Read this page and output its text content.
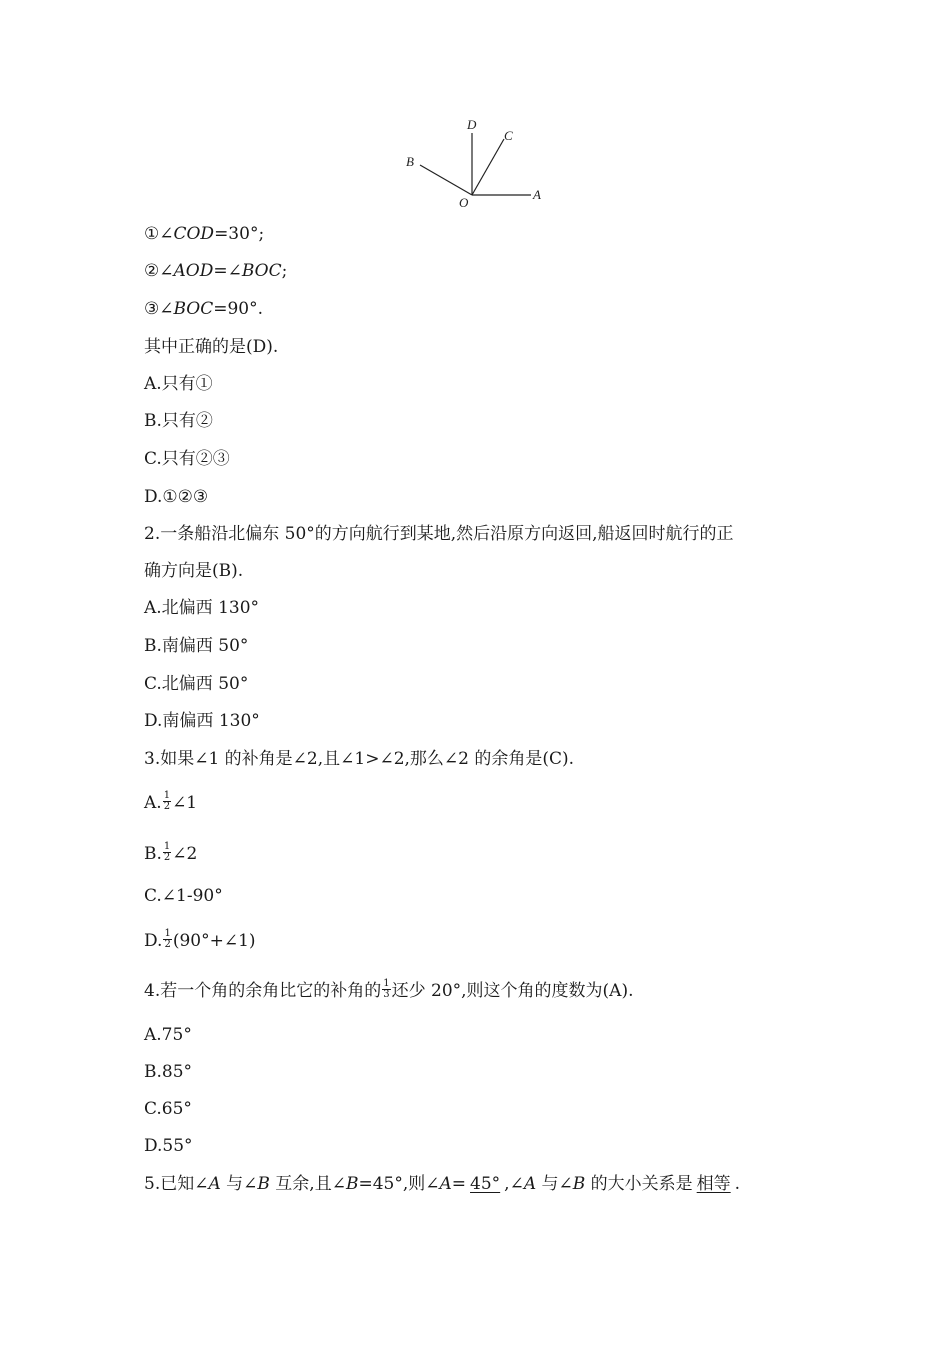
D
C
B
O
A
①∠COD=30°;
②∠AOD=∠BOC;
③∠BOC=90°.
其中正确的是(D).
A.只有①
B.只有②
C.只有②③
D.①②③
2.一条船沿北偏东 50°的方向航行到某地,然后沿原方向返回,船返回时航行的正
确方向是(B).
A.北偏西 130°
B.南偏西 50°
C.北偏西 50°
D.南偏西 130°
3.如果∠1 的补角是∠2,且∠1>∠2,那么∠2 的余角是(C).
A. $\frac{1}{2}$ ∠1
B. $\frac{1}{2}$ ∠2
C.∠1-90°
D. $\frac{1}{2}$ (90°+∠1)
4.若一个角的余角比它的补角的 $\frac{1}{3}$ 还少 20°,则这个角的度数为(A).
A.75°
B.85°
C.65°
D.55°
5.已知∠A 与∠B 互余,且∠B=45°,则∠A= 45° ,∠A 与∠B 的大小关系是 相等 .
